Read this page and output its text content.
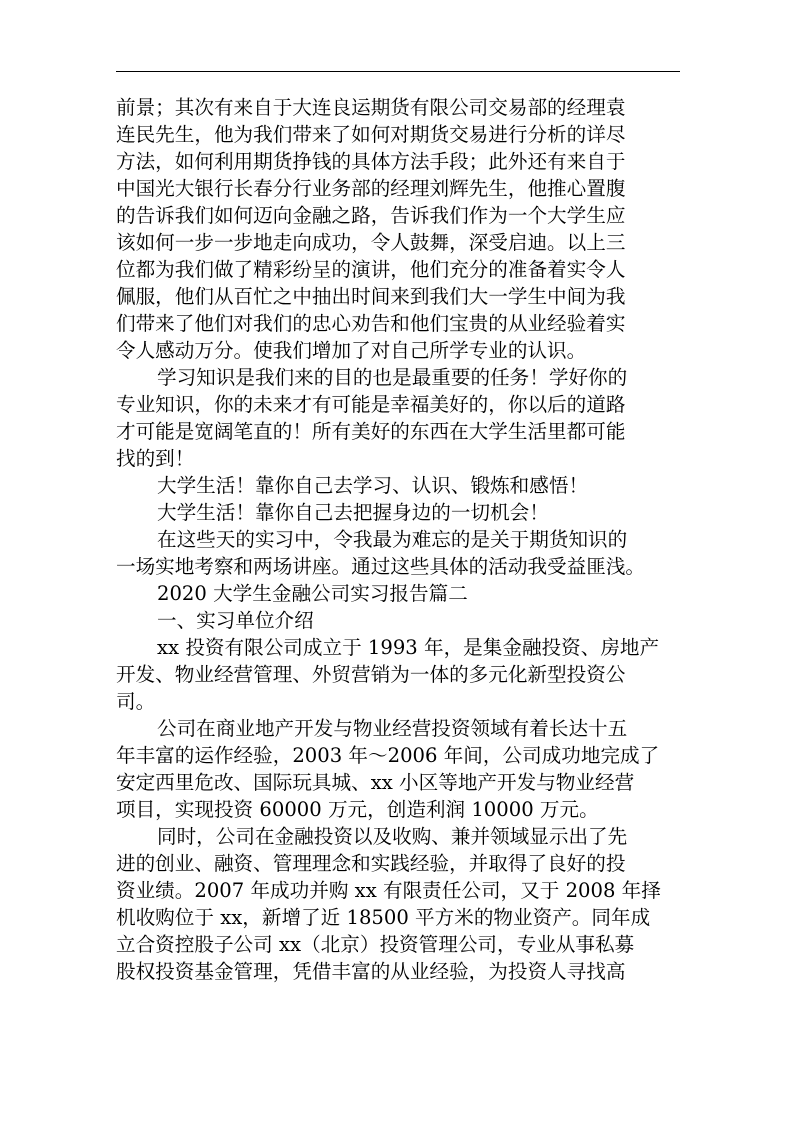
前景；其次有来自于大连良运期货有限公司交易部的经理袁
连民先生，他为我们带来了如何对期货交易进行分析的详尽
方法，如何利用期货挣钱的具体方法手段；此外还有来自于
中国光大银行长春分行业务部的经理刘辉先生，他推心置腹
的告诉我们如何迈向金融之路，告诉我们作为一个大学生应
该如何一步一步地走向成功，令人鼓舞，深受启迪。以上三
位都为我们做了精彩纷呈的演讲，他们充分的准备着实令人
佩服，他们从百忙之中抽出时间来到我们大一学生中间为我
们带来了他们对我们的忠心劝告和他们宝贵的从业经验着实
令人感动万分。使我们增加了对自己所学专业的认识。
学习知识是我们来的目的也是最重要的任务！学好你的
专业知识，你的未来才有可能是幸福美好的，你以后的道路
才可能是宽阔笔直的！所有美好的东西在大学生活里都可能
找的到！
大学生活！靠你自己去学习、认识、锻炼和感悟！
大学生活！靠你自己去把握身边的一切机会！
在这些天的实习中，令我最为难忘的是关于期货知识的
一场实地考察和两场讲座。通过这些具体的活动我受益匪浅。
2020 大学生金融公司实习报告篇二
一、实习单位介绍
xx 投资有限公司成立于 1993 年，是集金融投资、房地产
开发、物业经营管理、外贸营销为一体的多元化新型投资公
司。
公司在商业地产开发与物业经营投资领域有着长达十五
年丰富的运作经验，2003 年～2006 年间，公司成功地完成了
安定西里危改、国际玩具城、xx 小区等地产开发与物业经营
项目，实现投资 60000 万元，创造利润 10000 万元。
同时，公司在金融投资以及收购、兼并领域显示出了先
进的创业、融资、管理理念和实践经验，并取得了良好的投
资业绩。2007 年成功并购 xx 有限责任公司，又于 2008 年择
机收购位于 xx，新增了近 18500 平方米的物业资产。同年成
立合资控股子公司 xx（北京）投资管理公司，专业从事私募
股权投资基金管理，凭借丰富的从业经验，为投资人寻找高
